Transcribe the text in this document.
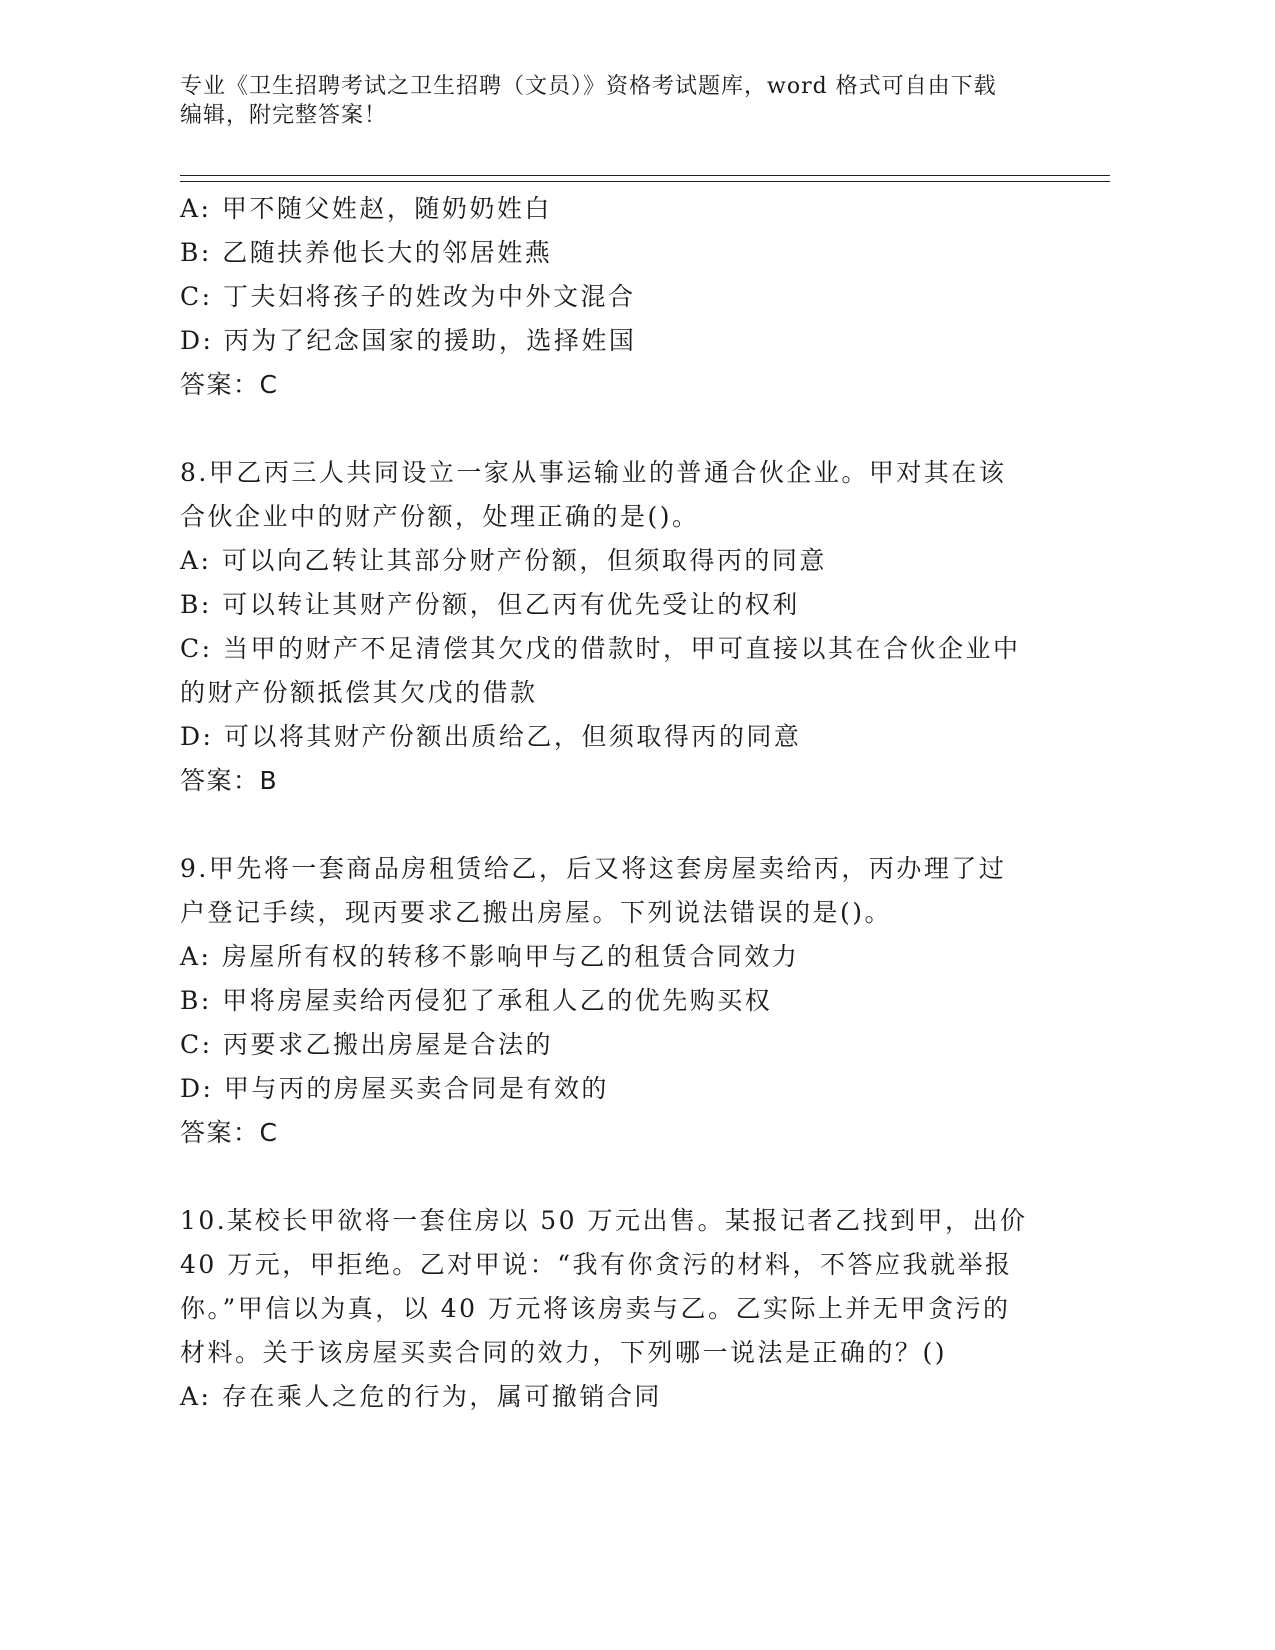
专业《卫生招聘考试之卫生招聘（文员）》资格考试题库，word 格式可自由下载
编辑，附完整答案！
A: 甲不随父姓赵，随奶奶姓白
B: 乙随扶养他长大的邻居姓燕
C: 丁夫妇将孩子的姓改为中外文混合
D: 丙为了纪念国家的援助，选择姓国
答案：C
8.甲乙丙三人共同设立一家从事运输业的普通合伙企业。甲对其在该
合伙企业中的财产份额，处理正确的是()。
A: 可以向乙转让其部分财产份额，但须取得丙的同意
B: 可以转让其财产份额，但乙丙有优先受让的权利
C: 当甲的财产不足清偿其欠戊的借款时，甲可直接以其在合伙企业中
的财产份额抵偿其欠戊的借款
D: 可以将其财产份额出质给乙，但须取得丙的同意
答案：B
9.甲先将一套商品房租赁给乙，后又将这套房屋卖给丙，丙办理了过
户登记手续，现丙要求乙搬出房屋。下列说法错误的是()。
A: 房屋所有权的转移不影响甲与乙的租赁合同效力
B: 甲将房屋卖给丙侵犯了承租人乙的优先购买权
C: 丙要求乙搬出房屋是合法的
D: 甲与丙的房屋买卖合同是有效的
答案：C
10.某校长甲欲将一套住房以 50 万元出售。某报记者乙找到甲，出价
40 万元，甲拒绝。乙对甲说：“我有你贪污的材料，不答应我就举报
你。”甲信以为真，以 40 万元将该房卖与乙。乙实际上并无甲贪污的
材料。关于该房屋买卖合同的效力，下列哪一说法是正确的？()
A: 存在乘人之危的行为，属可撤销合同
